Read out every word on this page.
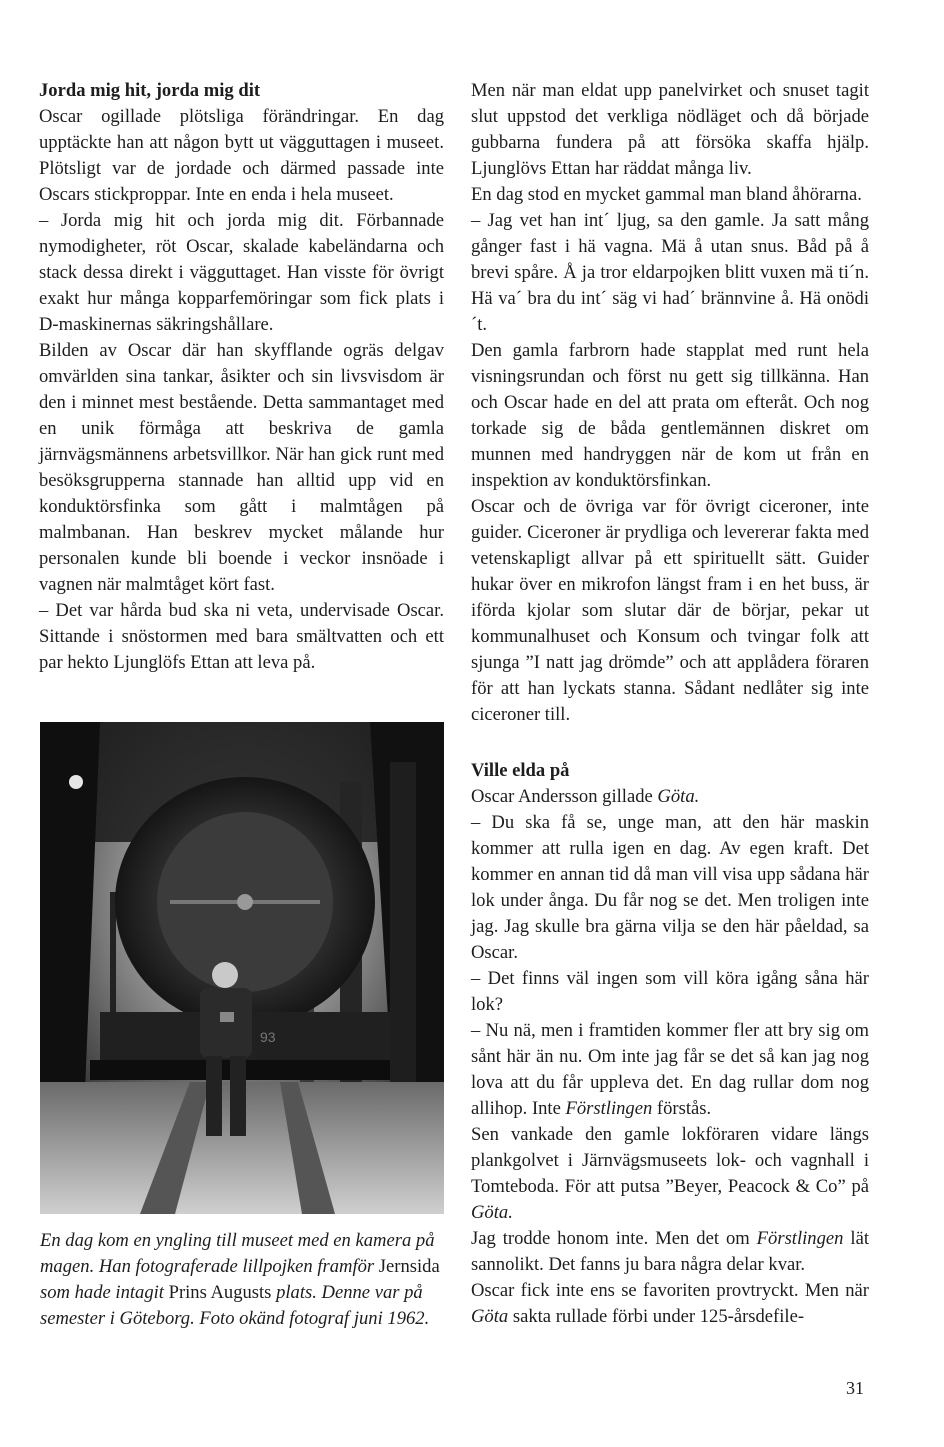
Jorda mig hit, jorda mig dit

Oscar ogillade plötsliga förändringar. En dag upptäckte han att någon bytt ut vägguttagen i museet. Plötsligt var de jordade och därmed passade inte Oscars stickproppar. Inte en enda i hela museet.

– Jorda mig hit och jorda mig dit. Förbannade nymodigheter, röt Oscar, skalade kabeländarna och stack dessa direkt i vägguttaget. Han visste för övrigt exakt hur många kopparfemöringar som fick plats i D-maskinernas säkringshållare.

Bilden av Oscar där han skyfflande ogräs delgav omvärlden sina tankar, åsikter och sin livsvisdom är den i minnet mest bestående. Detta sammantaget med en unik förmåga att beskriva de gamla järnvägsmännens arbetsvillkor. När han gick runt med besöksgrupperna stannade han alltid upp vid en konduktörsfinka som gått i malmtågen på malmbanan. Han beskrev mycket målande hur personalen kunde bli boende i veckor insnöade i vagnen när malmtåget kört fast.

– Det var hårda bud ska ni veta, undervisade Oscar. Sittande i snöstormen med bara smältvatten och ett par hekto Ljunglöfs Ettan att leva på.

93
En dag kom en yngling till museet med en kamera på magen. Han fotograferade lillpojken framför Jernsida som hade intagit Prins Augusts plats. Denne var på semester i Göteborg. Foto okänd fotograf juni 1962.

Men när man eldat upp panelvirket och snuset tagit slut uppstod det verkliga nödläget och då började gubbarna fundera på att försöka skaffa hjälp. Ljunglövs Ettan har räddat många liv.

En dag stod en mycket gammal man bland åhörarna.

– Jag vet han int´ ljug, sa den gamle. Ja satt mång gånger fast i hä vagna. Mä å utan snus. Båd på å brevi spåre. Å ja tror eldarpojken blitt vuxen mä ti´n. Hä va´ bra du int´ säg vi had´ brännvine å. Hä onödi´t.

Den gamla farbrorn hade stapplat med runt hela visningsrundan och först nu gett sig tillkänna. Han och Oscar hade en del att prata om efteråt. Och nog torkade sig de båda gentlemännen diskret om munnen med handryggen när de kom ut från en inspektion av konduktörsfinkan.

Oscar och de övriga var för övrigt ciceroner, inte guider. Ciceroner är prydliga och levererar fakta med vetenskapligt allvar på ett spirituellt sätt. Guider hukar över en mikrofon längst fram i en het buss, är iförda kjolar som slutar där de börjar, pekar ut kommunalhuset och Konsum och tvingar folk att sjunga ”I natt jag drömde” och att applådera föraren för att han lyckats stanna. Sådant nedlåter sig inte ciceroner till.

Ville elda på

Oscar Andersson gillade Göta.

– Du ska få se, unge man, att den här maskin kommer att rulla igen en dag. Av egen kraft. Det kommer en annan tid då man vill visa upp sådana här lok under ånga. Du får nog se det. Men troligen inte jag. Jag skulle bra gärna vilja se den här påeldad, sa Oscar.

– Det finns väl ingen som vill köra igång såna här lok?

– Nu nä, men i framtiden kommer fler att bry sig om sånt här än nu. Om inte jag får se det så kan jag nog lova att du får uppleva det. En dag rullar dom nog allihop. Inte Förstlingen förstås.

Sen vankade den gamle lokföraren vidare längs plankgolvet i Järnvägsmuseets lok- och vagnhall i Tomteboda. För att putsa ”Beyer, Peacock & Co” på Göta.

Jag trodde honom inte. Men det om Förstlingen lät sannolikt. Det fanns ju bara några delar kvar.

Oscar fick inte ens se favoriten provtryckt. Men när Göta sakta rullade förbi under 125-årsdefile-

31
